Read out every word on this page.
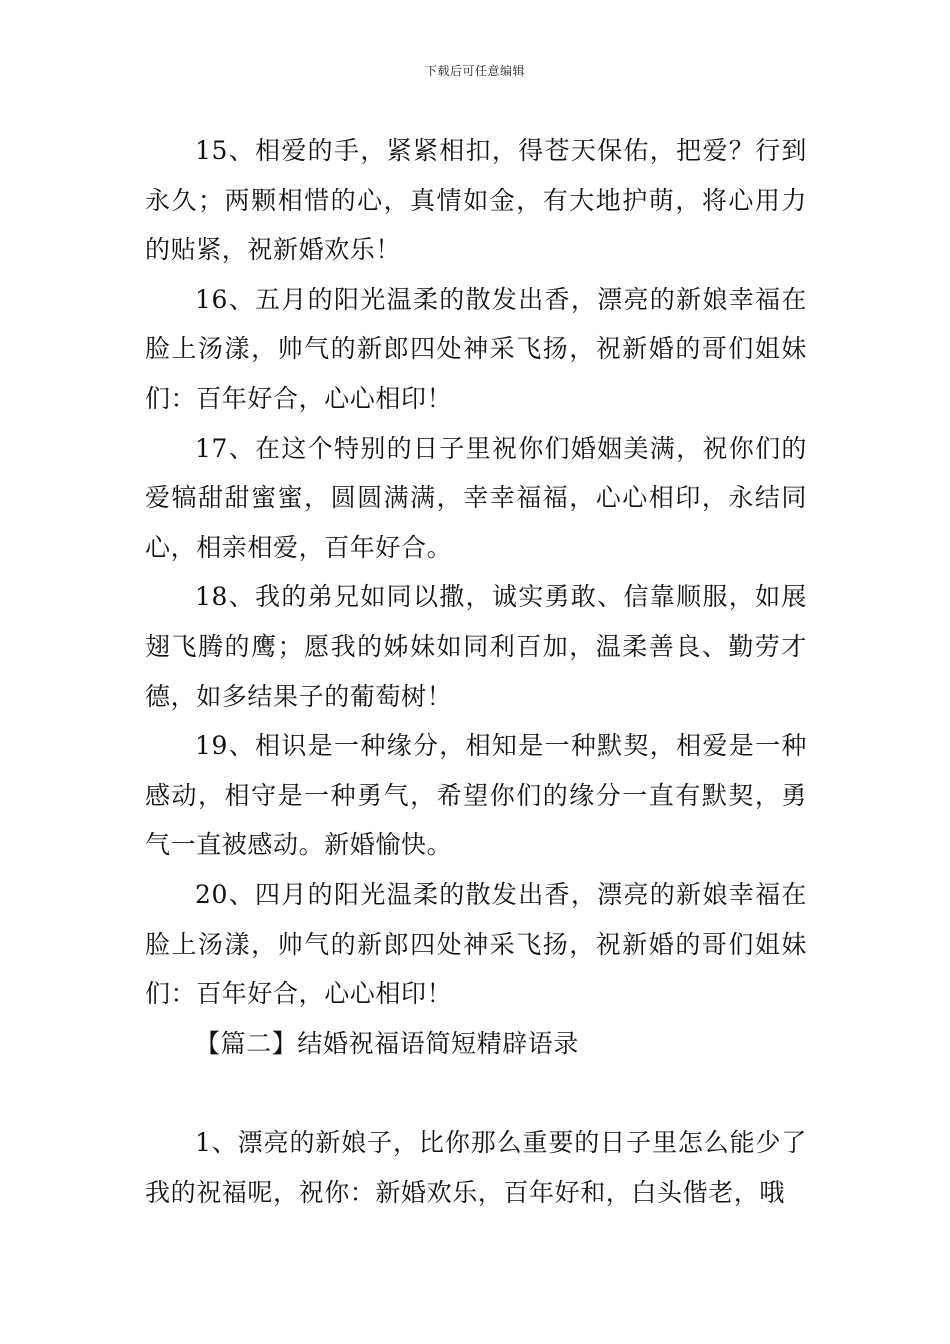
下载后可任意编辑

15、相爱的手，紧紧相扣，得苍天保佑，把爱？行到永久；两颗相惜的心，真情如金，有大地护萌，将心用力的贴紧，祝新婚欢乐！

16、五月的阳光温柔的散发出香，漂亮的新娘幸福在脸上汤漾，帅气的新郎四处神采飞扬，祝新婚的哥们姐妹们：百年好合，心心相印！

17、在这个特别的日子里祝你们婚姻美满，祝你们的爱犒甜甜蜜蜜，圆圆满满，幸幸福福，心心相印，永结同心，相亲相爱，百年好合。

18、我的弟兄如同以撒，诚实勇敢、信靠顺服，如展翅飞腾的鹰；愿我的姊妹如同利百加，温柔善良、勤劳才德，如多结果子的葡萄树！

19、相识是一种缘分，相知是一种默契，相爱是一种感动，相守是一种勇气，希望你们的缘分一直有默契，勇气一直被感动。新婚愉快。

20、四月的阳光温柔的散发出香，漂亮的新娘幸福在脸上汤漾，帅气的新郎四处神采飞扬，祝新婚的哥们姐妹们：百年好合，心心相印！

【篇二】结婚祝福语简短精辟语录

1、漂亮的新娘子，比你那么重要的日子里怎么能少了我的祝福呢，祝你：新婚欢乐，百年好和，白头偕老，哦
